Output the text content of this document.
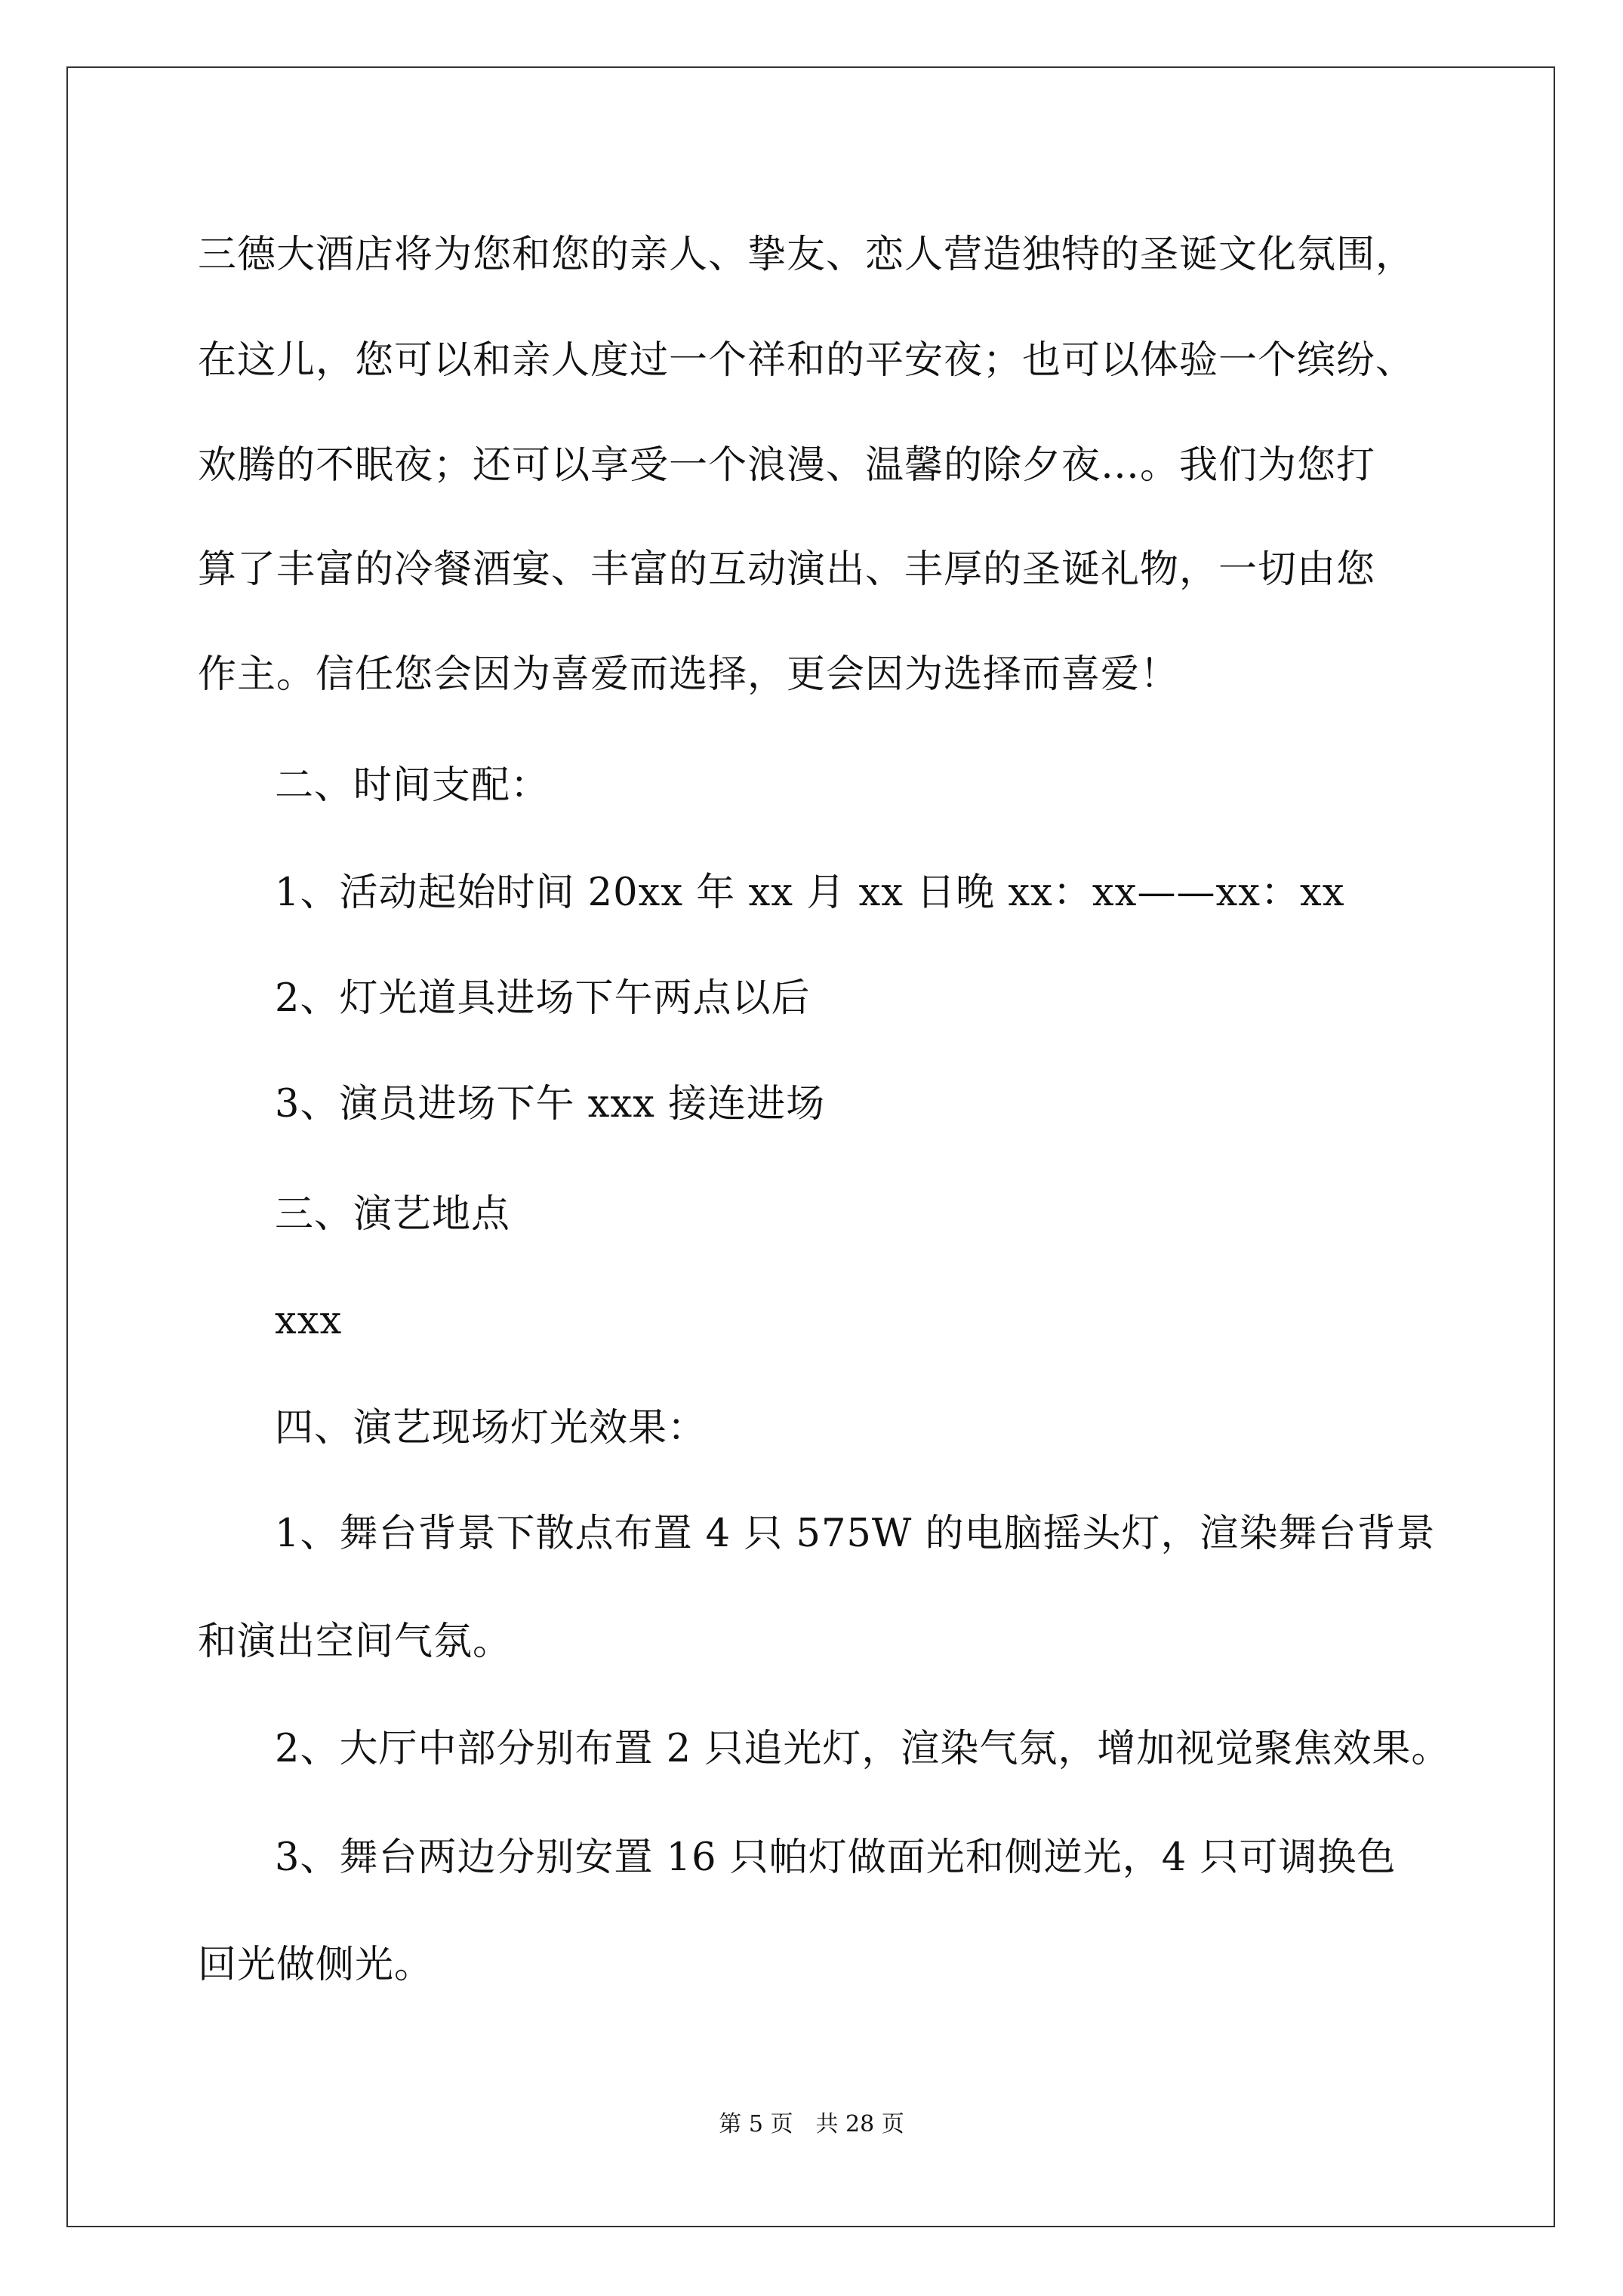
三德大酒店将为您和您的亲人、挚友、恋人营造独特的圣诞文化氛围，
在这儿，您可以和亲人度过一个祥和的平安夜；也可以体验一个缤纷、
欢腾的不眠夜；还可以享受一个浪漫、温馨的除夕夜…。我们为您打
算了丰富的冷餐酒宴、丰富的互动演出、丰厚的圣诞礼物，一切由您
作主。信任您会因为喜爱而选择，更会因为选择而喜爱！
二、时间支配：
1、活动起始时间 20xx 年 xx 月 xx 日晚 xx：xx——xx：xx
2、灯光道具进场下午两点以后
3、演员进场下午 xxx 接连进场
三、演艺地点
xxx
四、演艺现场灯光效果：
1、舞台背景下散点布置 4 只 575W 的电脑摇头灯，渲染舞台背景
和演出空间气氛。
2、大厅中部分别布置 2 只追光灯，渲染气氛，增加视觉聚焦效果。
3、舞台两边分别安置 16 只帕灯做面光和侧逆光，4 只可调换色
回光做侧光。
第 5 页　共 28 页
